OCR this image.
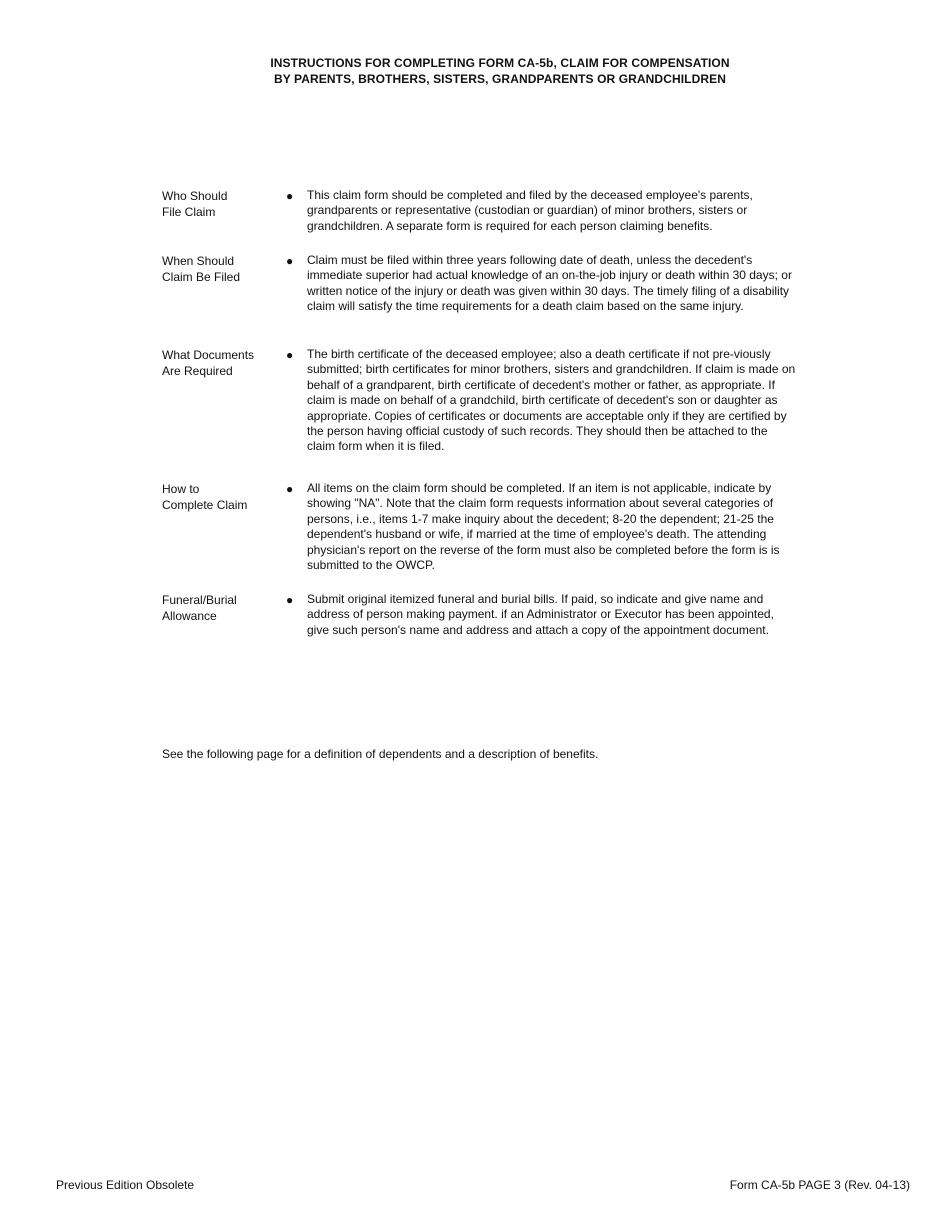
INSTRUCTIONS FOR COMPLETING FORM CA-5b, CLAIM FOR COMPENSATION
BY PARENTS, BROTHERS, SISTERS, GRANDPARENTS OR GRANDCHILDREN
Who Should
File Claim
● This claim form should be completed and filed by the deceased employee's parents, grandparents or representative (custodian or guardian) of minor brothers, sisters or grandchildren. A separate form is required for each person claiming benefits.
When Should
Claim Be Filed
● Claim must be filed within three years following date of death, unless the decedent's immediate superior had actual knowledge of an on-the-job injury or death within 30 days; or written notice of the injury or death was given within 30 days. The timely filing of a disability claim will satisfy the time requirements for a death claim based on the same injury.
What Documents
Are Required
● The birth certificate of the deceased employee; also a death certificate if not pre-viously submitted; birth certificates for minor brothers, sisters and grandchildren. If claim is made on behalf of a grandparent, birth certificate of decedent's mother or father, as appropriate. If claim is made on behalf of a grandchild, birth certificate of decedent's son or daughter as appropriate. Copies of certificates or documents are acceptable only if they are certified by the person having official custody of such records. They should then be attached to the claim form when it is filed.
How to
Complete Claim
● All items on the claim form should be completed. If an item is not applicable, indicate by showing "NA". Note that the claim form requests information about several categories of persons, i.e., items 1-7 make inquiry about the decedent; 8-20 the dependent; 21-25 the dependent's husband or wife, if married at the time of employee's death. The attending physician's report on the reverse of the form must also be completed before the form is is submitted to the OWCP.
Funeral/Burial
Allowance
● Submit original itemized funeral and burial bills. If paid, so indicate and give name and address of person making payment. if an Administrator or Executor has been appointed, give such person's name and address and attach a copy of the appointment document.
See the following page for a definition of dependents and a description of benefits.
Previous Edition Obsolete	Form CA-5b PAGE 3 (Rev. 04-13)
